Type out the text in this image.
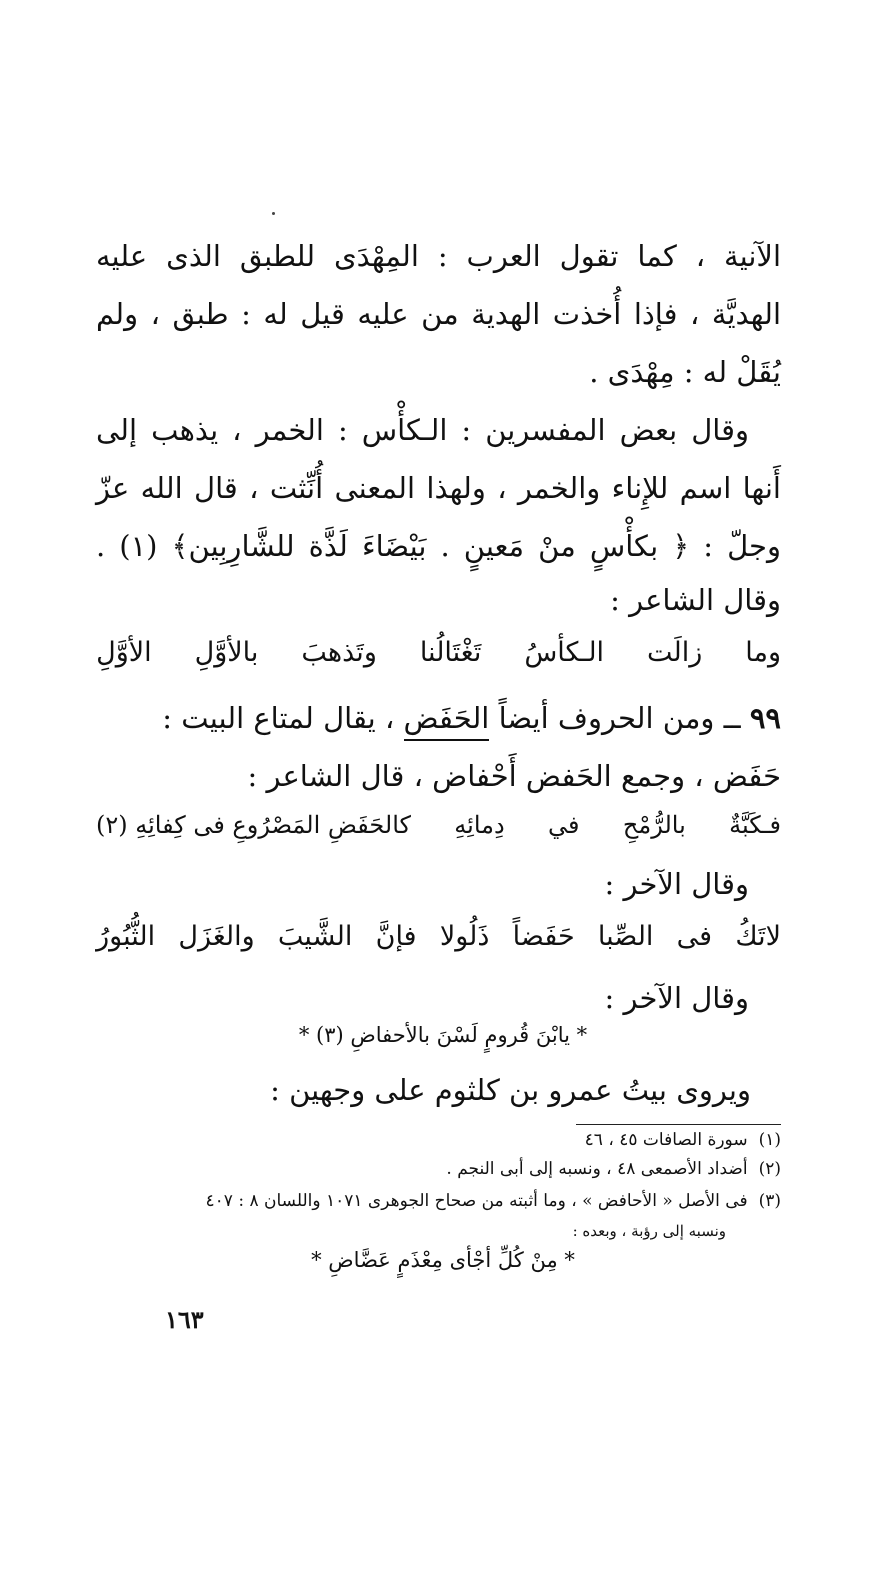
الآنية ، كما تقول العرب : المِهْدَى للطبق الذى عليه
الهديَّة ، فإذا أُخذت الهدية من عليه قيل له : طبق ، ولم
يُقَلْ له : مِهْدَى .
وقال بعض المفسرين : الـكأْس : الخمر ، يذهب إلى
أَنها اسم للإِناء والخمر ، ولهذا المعنى أُنِّثت ، قال الله عزّ
وجلّ : ﴿ بكأْسٍ منْ مَعينٍ . بَيْضَاءَ لَذَّة للشَّارِبِين﴾ (١) .
وقال الشاعر :
وما
زالَت
الـكأسُ
تَغْتَالُنا
وتَذهبَ
بالأوَّلِ
الأوَّلِ
٩٩ ــ ومن الحروف أيضاً الحَفَض ، يقال لمتاع البيت :
حَفَض ، وجمع الحَفض أَحْفاض ، قال الشاعر :
فـكَبَّةٌ
بالرُّمْحِ
في
دِمائِهِ
كالحَفَضِ المَصْرُوعِ فى كِفائِهِ (٢)
وقال الآخر :
لاتَكُ
فى
الصِّبا
حَفَضاً
ذَلُولا
فإنَّ
الشَّيبَ
والغَزَل
الثُّبُورُ
وقال الآخر :
* يابْنَ قُرومٍ لَسْنَ بالأحفاضِ (٣) *
ويروى بيتُ عمرو بن كلثوم على وجهين :
(١) سورة الصافات ٤٥ ، ٤٦
(٢) أضداد الأصمعى ٤٨ ، ونسبه إلى أبى النجم .
(٣) فى الأصل « الأحافض » ، وما أثبته من صحاح الجوهرى ١٠٧١ واللسان ٨ : ٤٠٧
ونسبه إلى رؤبة ، وبعده :
* مِنْ كُلِّ أجْأى مِعْذَمٍ عَضَّاضِ *
١٦٣
